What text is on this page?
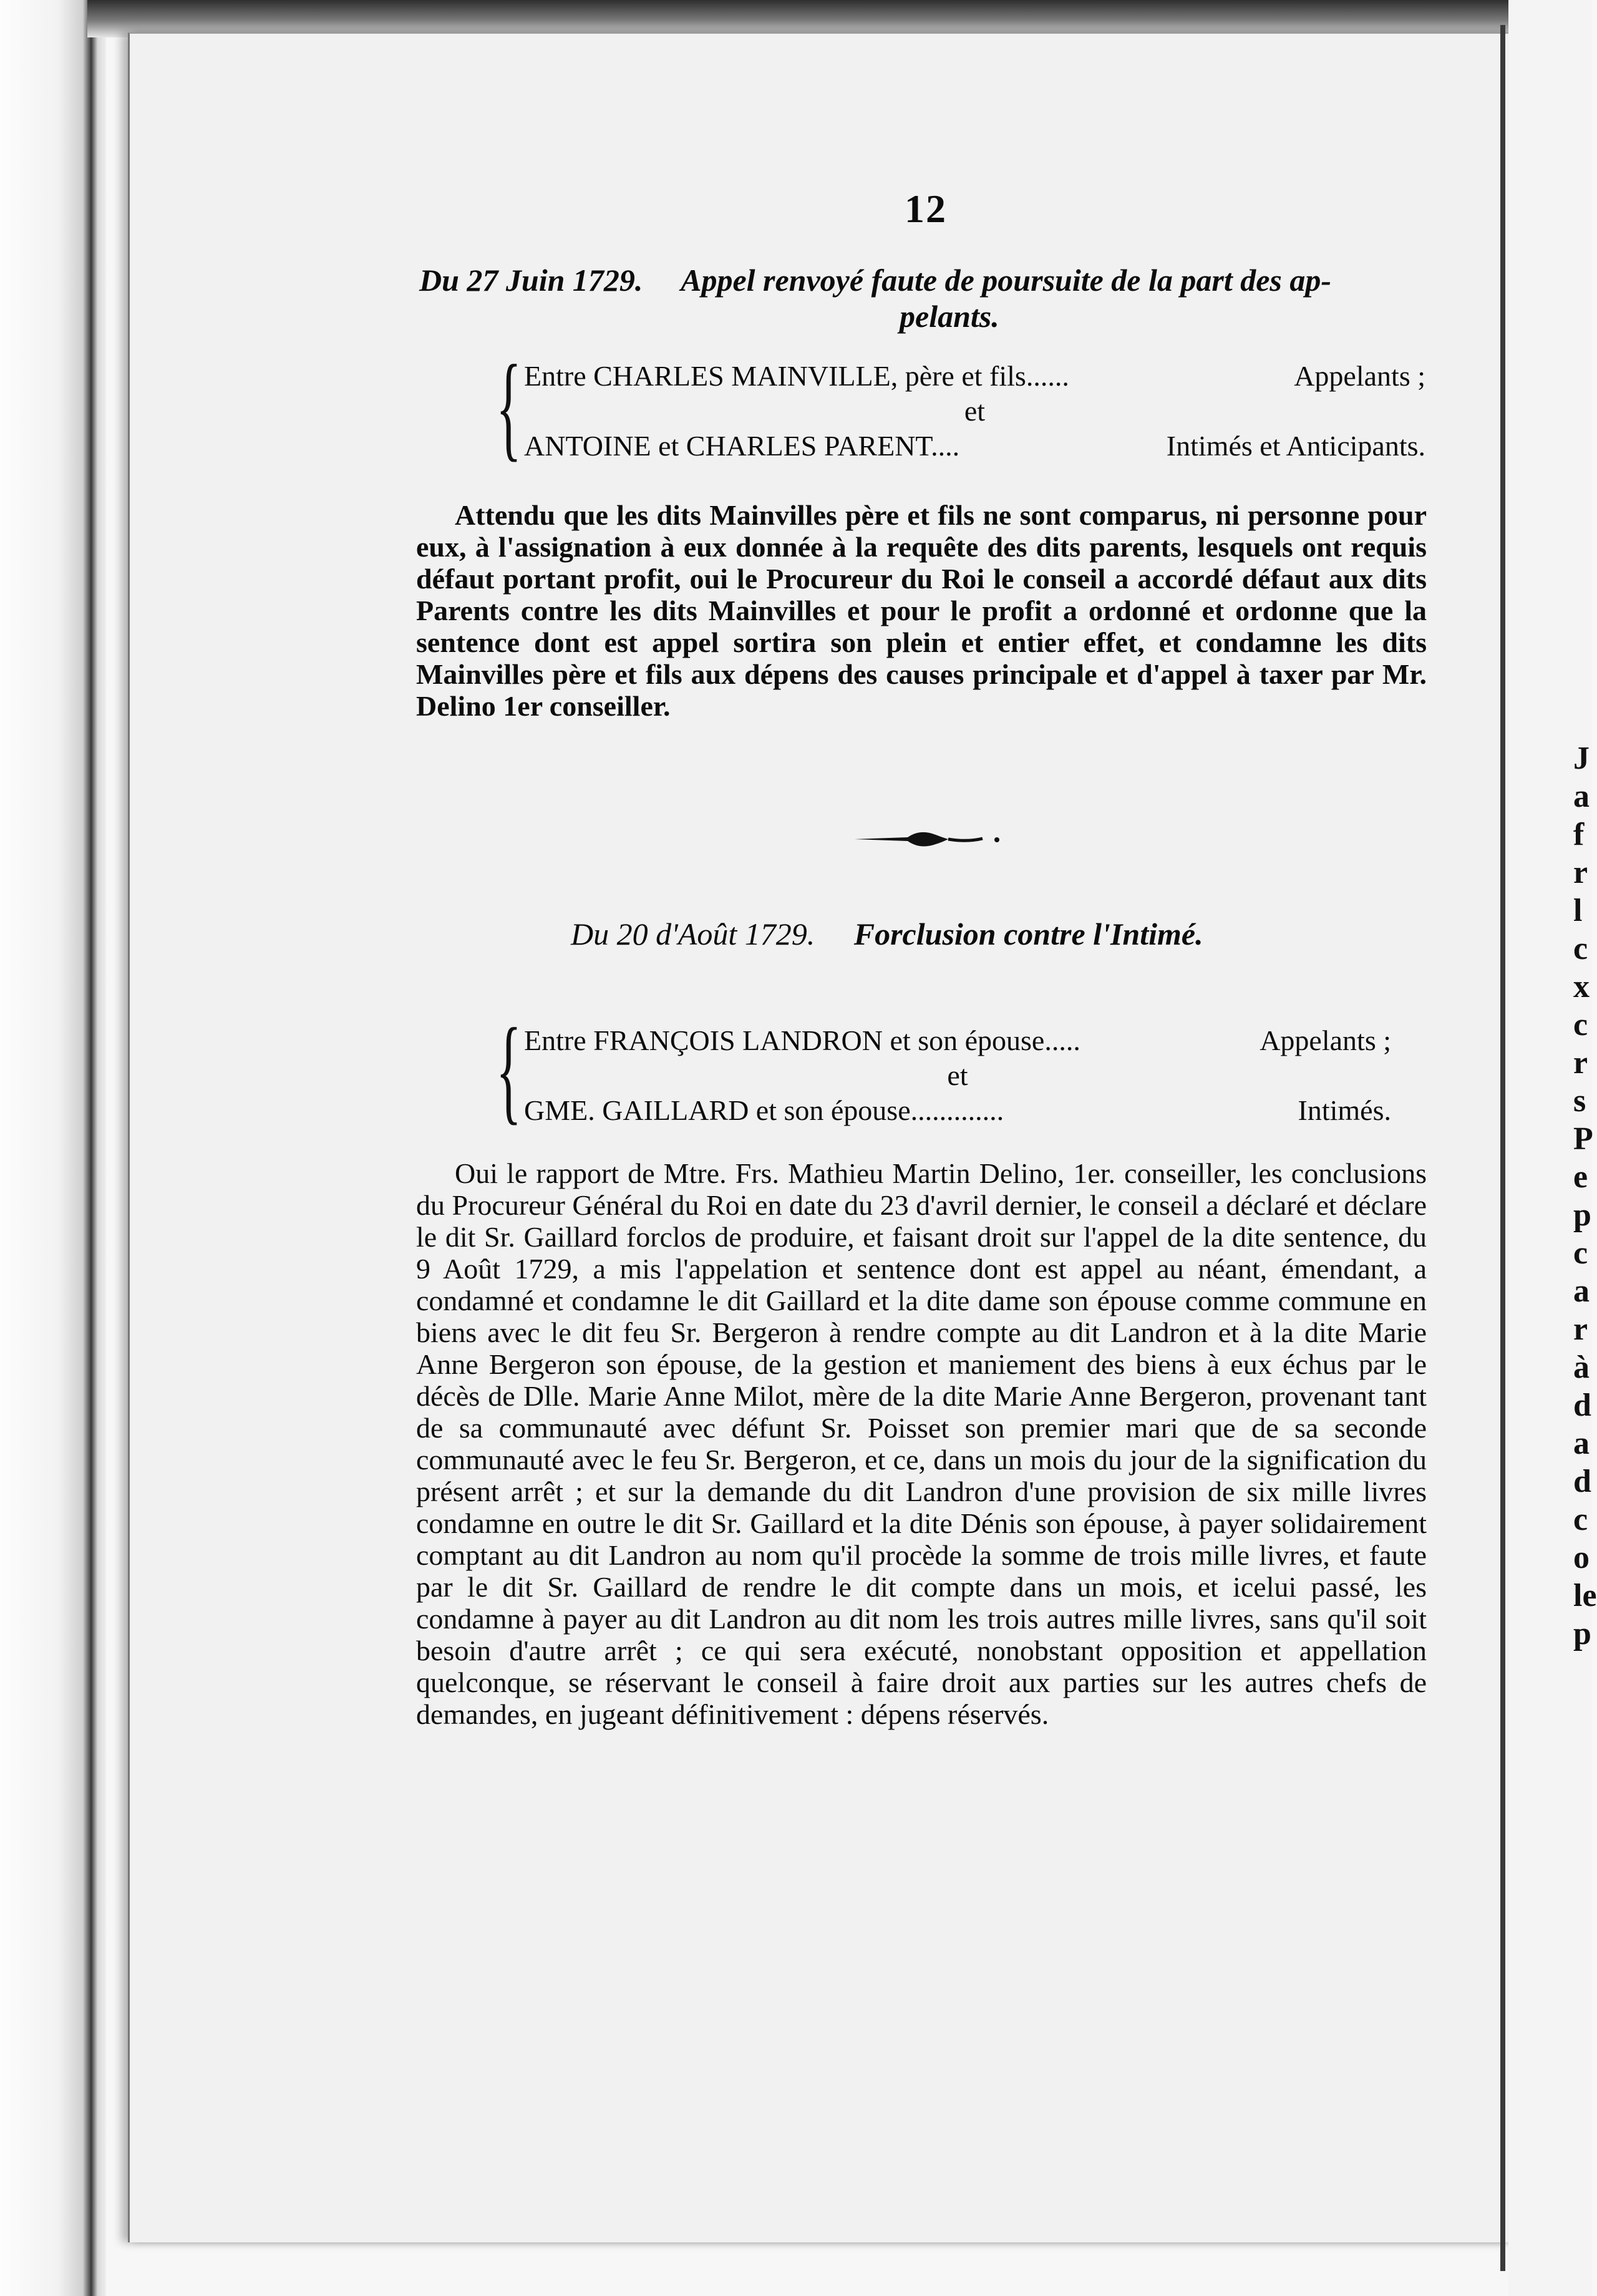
J
a
f
r
l
c
x
c
r
s
P
e
p
c
a
r
à
d
a
d
c
o
le
p
12
Du 27 Juin 1729. Appel renvoyé faute de poursuite de la part des ap-
pelants.
{ Entre CHARLES MAINVILLE, père et fils......	Appelants ;
et
ANTOINE et CHARLES PARENT....	Intimés et Anticipants.
Attendu que les dits Mainvilles père et fils ne sont comparus, ni personne pour eux, à l'assignation à eux donnée à la requête des dits parents, lesquels ont requis défaut portant profit, oui le Procureur du Roi le conseil a accordé défaut aux dits Parents contre les dits Mainvilles et pour le profit a ordonné et ordonne que la sentence dont est appel sortira son plein et entier effet, et condamne les dits Mainvilles père et fils aux dépens des causes principale et d'appel à taxer par Mr. Delino 1er conseiller.
Du 20 d'Août 1729. Forclusion contre l'Intimé.
{ Entre FRANÇOIS LANDRON et son épouse.....	Appelants ;
et
GME. GAILLARD et son épouse.............	Intimés.
Oui le rapport de Mtre. Frs. Mathieu Martin Delino, 1er. conseiller, les conclusions du Procureur Général du Roi en date du 23 d'avril dernier, le conseil a déclaré et déclare le dit Sr. Gaillard forclos de produire, et faisant droit sur l'appel de la dite sentence, du 9 Août 1729, a mis l'appelation et sentence dont est appel au néant, émendant, a condamné et condamne le dit Gaillard et la dite dame son épouse comme commune en biens avec le dit feu Sr. Bergeron à rendre compte au dit Landron et à la dite Marie Anne Bergeron son épouse, de la gestion et maniement des biens à eux échus par le décès de Dlle. Marie Anne Milot, mère de la dite Marie Anne Bergeron, provenant tant de sa communauté avec défunt Sr. Poisset son premier mari que de sa seconde communauté avec le feu Sr. Bergeron, et ce, dans un mois du jour de la signification du présent arrêt ; et sur la demande du dit Landron d'une provision de six mille livres condamne en outre le dit Sr. Gaillard et la dite Dénis son épouse, à payer solidairement comptant au dit Landron au nom qu'il procède la somme de trois mille livres, et faute par le dit Sr. Gaillard de rendre le dit compte dans un mois, et icelui passé, les condamne à payer au dit Landron au dit nom les trois autres mille livres, sans qu'il soit besoin d'autre arrêt ; ce qui sera exécuté, nonobstant opposition et appellation quelconque, se réservant le conseil à faire droit aux parties sur les autres chefs de demandes, en jugeant définitivement : dépens réservés.
